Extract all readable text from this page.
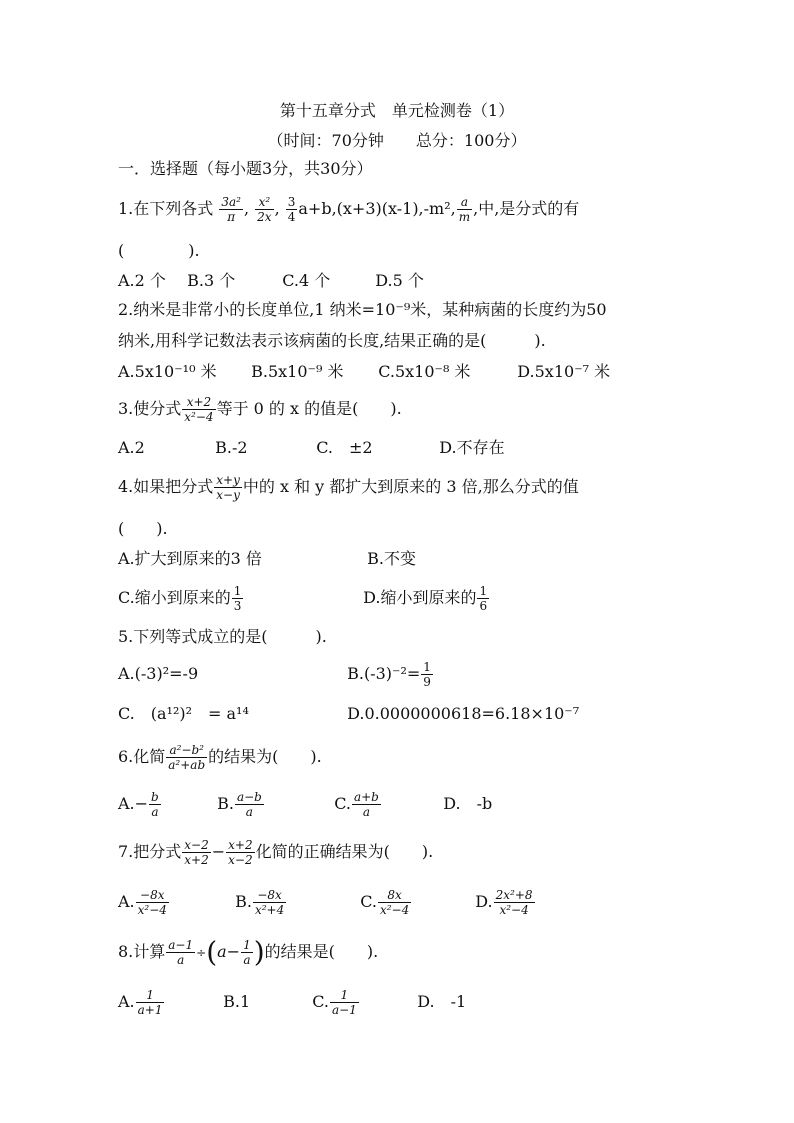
第十五章分式　单元检测卷（1）
（时间：70分钟　　总分：100分）
一．选择题（每小题3分，共30分）
1.在下列各式 $\frac{\text{3a²}}{\pi}$ , $\frac{\text{x²}}{2x}$ , $\frac{3}{4} a+b,(x+3)(x-1),-m^2$, $\frac{a}{m}$ ,中,是分式的有
(　　　　).
A.2 个 B.3 个	C.4 个	D.5 个
2.纳米是非常小的长度单位,1 纳米=10⁻⁹米，某种病菌的长度约为50
纳米,用科学记数法表示该病菌的长度,结果正确的是(　　　).
A.5x10⁻¹⁰ 米 B.5x10⁻⁹ 米 C.5x10⁻⁸ 米	D.5x10⁻⁷ 米
3.使分式 $\frac{x+2}{\text{x²−4}}$ 等于 0 的 x 的值是(　　).
A.2	B.-2	C.　±2	D.不存在
4.如果把分式 $\frac{x+y}{x-y}$ 中的 x 和 y 都扩大到原来的 3 倍,那么分式的值
(　　).
A.扩大到原来的3 倍	B.不变
C.缩小到原来的 $\frac{1}{3}$	D.缩小到原来的 $\frac{1}{6}$
5.下列等式成立的是(　　　).
A.(-3)²=-9	$B.(-3)^{-2}= \frac{1}{9}$
C.　(a¹²)²　= a¹⁴	D.0.0000000618=6.18×10⁻⁷
6.化简 $\frac{\text{a²−b²}}{\text{a²+ab}}$ 的结果为(　　).
$A.- \frac{b}{a}$	B. $\frac{a-b}{a}$	C. $\frac{a+b}{a}$	D.　-b
7.把分式 $\frac{x-2}{x+2} - \frac{x+2}{x-2}$ 化简的正确结果为(　　).
A. $\frac{-8x}{\text{x²−4}}$	B. $\frac{-8x}{\text{x²+4}}$	C. $\frac{8x}{\text{x²−4}}$	D. $\frac{\text{2x²+8}}{\text{x²−4}}$
8.计算 $\frac{a-1}{a} \div(a- \frac{1}{a}$ )的结果是(　　).
A. $\frac{1}{a+1}$	B.1	C. $\frac{1}{a-1}$	D.　-1
